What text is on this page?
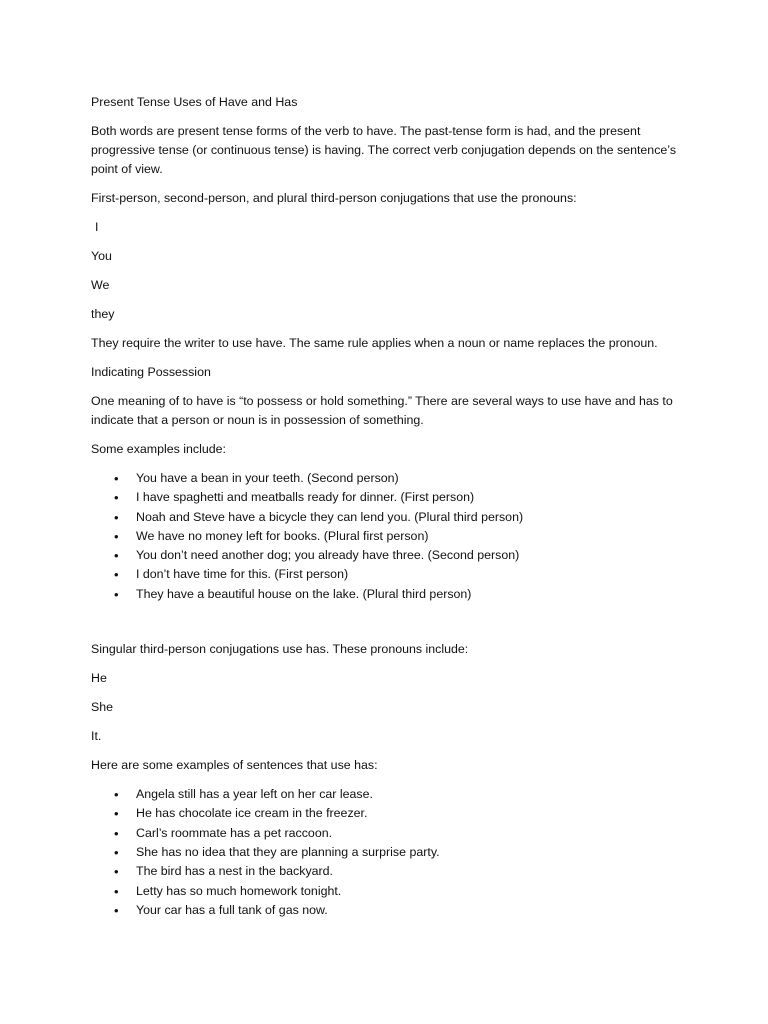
Present Tense Uses of Have and Has

Both words are present tense forms of the verb to have. The past-tense form is had, and the present progressive tense (or continuous tense) is having. The correct verb conjugation depends on the sentence’s point of view.

First-person, second-person, and plural third-person conjugations that use the pronouns:

I

You

We

they

They require the writer to use have. The same rule applies when a noun or name replaces the pronoun.

Indicating Possession

One meaning of to have is “to possess or hold something.” There are several ways to use have and has to indicate that a person or noun is in possession of something.

Some examples include:

• You have a bean in your teeth. (Second person)
• I have spaghetti and meatballs ready for dinner. (First person)
• Noah and Steve have a bicycle they can lend you. (Plural third person)
• We have no money left for books. (Plural first person)
• You don’t need another dog; you already have three. (Second person)
• I don’t have time for this. (First person)
• They have a beautiful house on the lake. (Plural third person)

Singular third-person conjugations use has. These pronouns include:

He

She

It.

Here are some examples of sentences that use has:

• Angela still has a year left on her car lease.
• He has chocolate ice cream in the freezer.
• Carl’s roommate has a pet raccoon.
• She has no idea that they are planning a surprise party.
• The bird has a nest in the backyard.
• Letty has so much homework tonight.
• Your car has a full tank of gas now.
